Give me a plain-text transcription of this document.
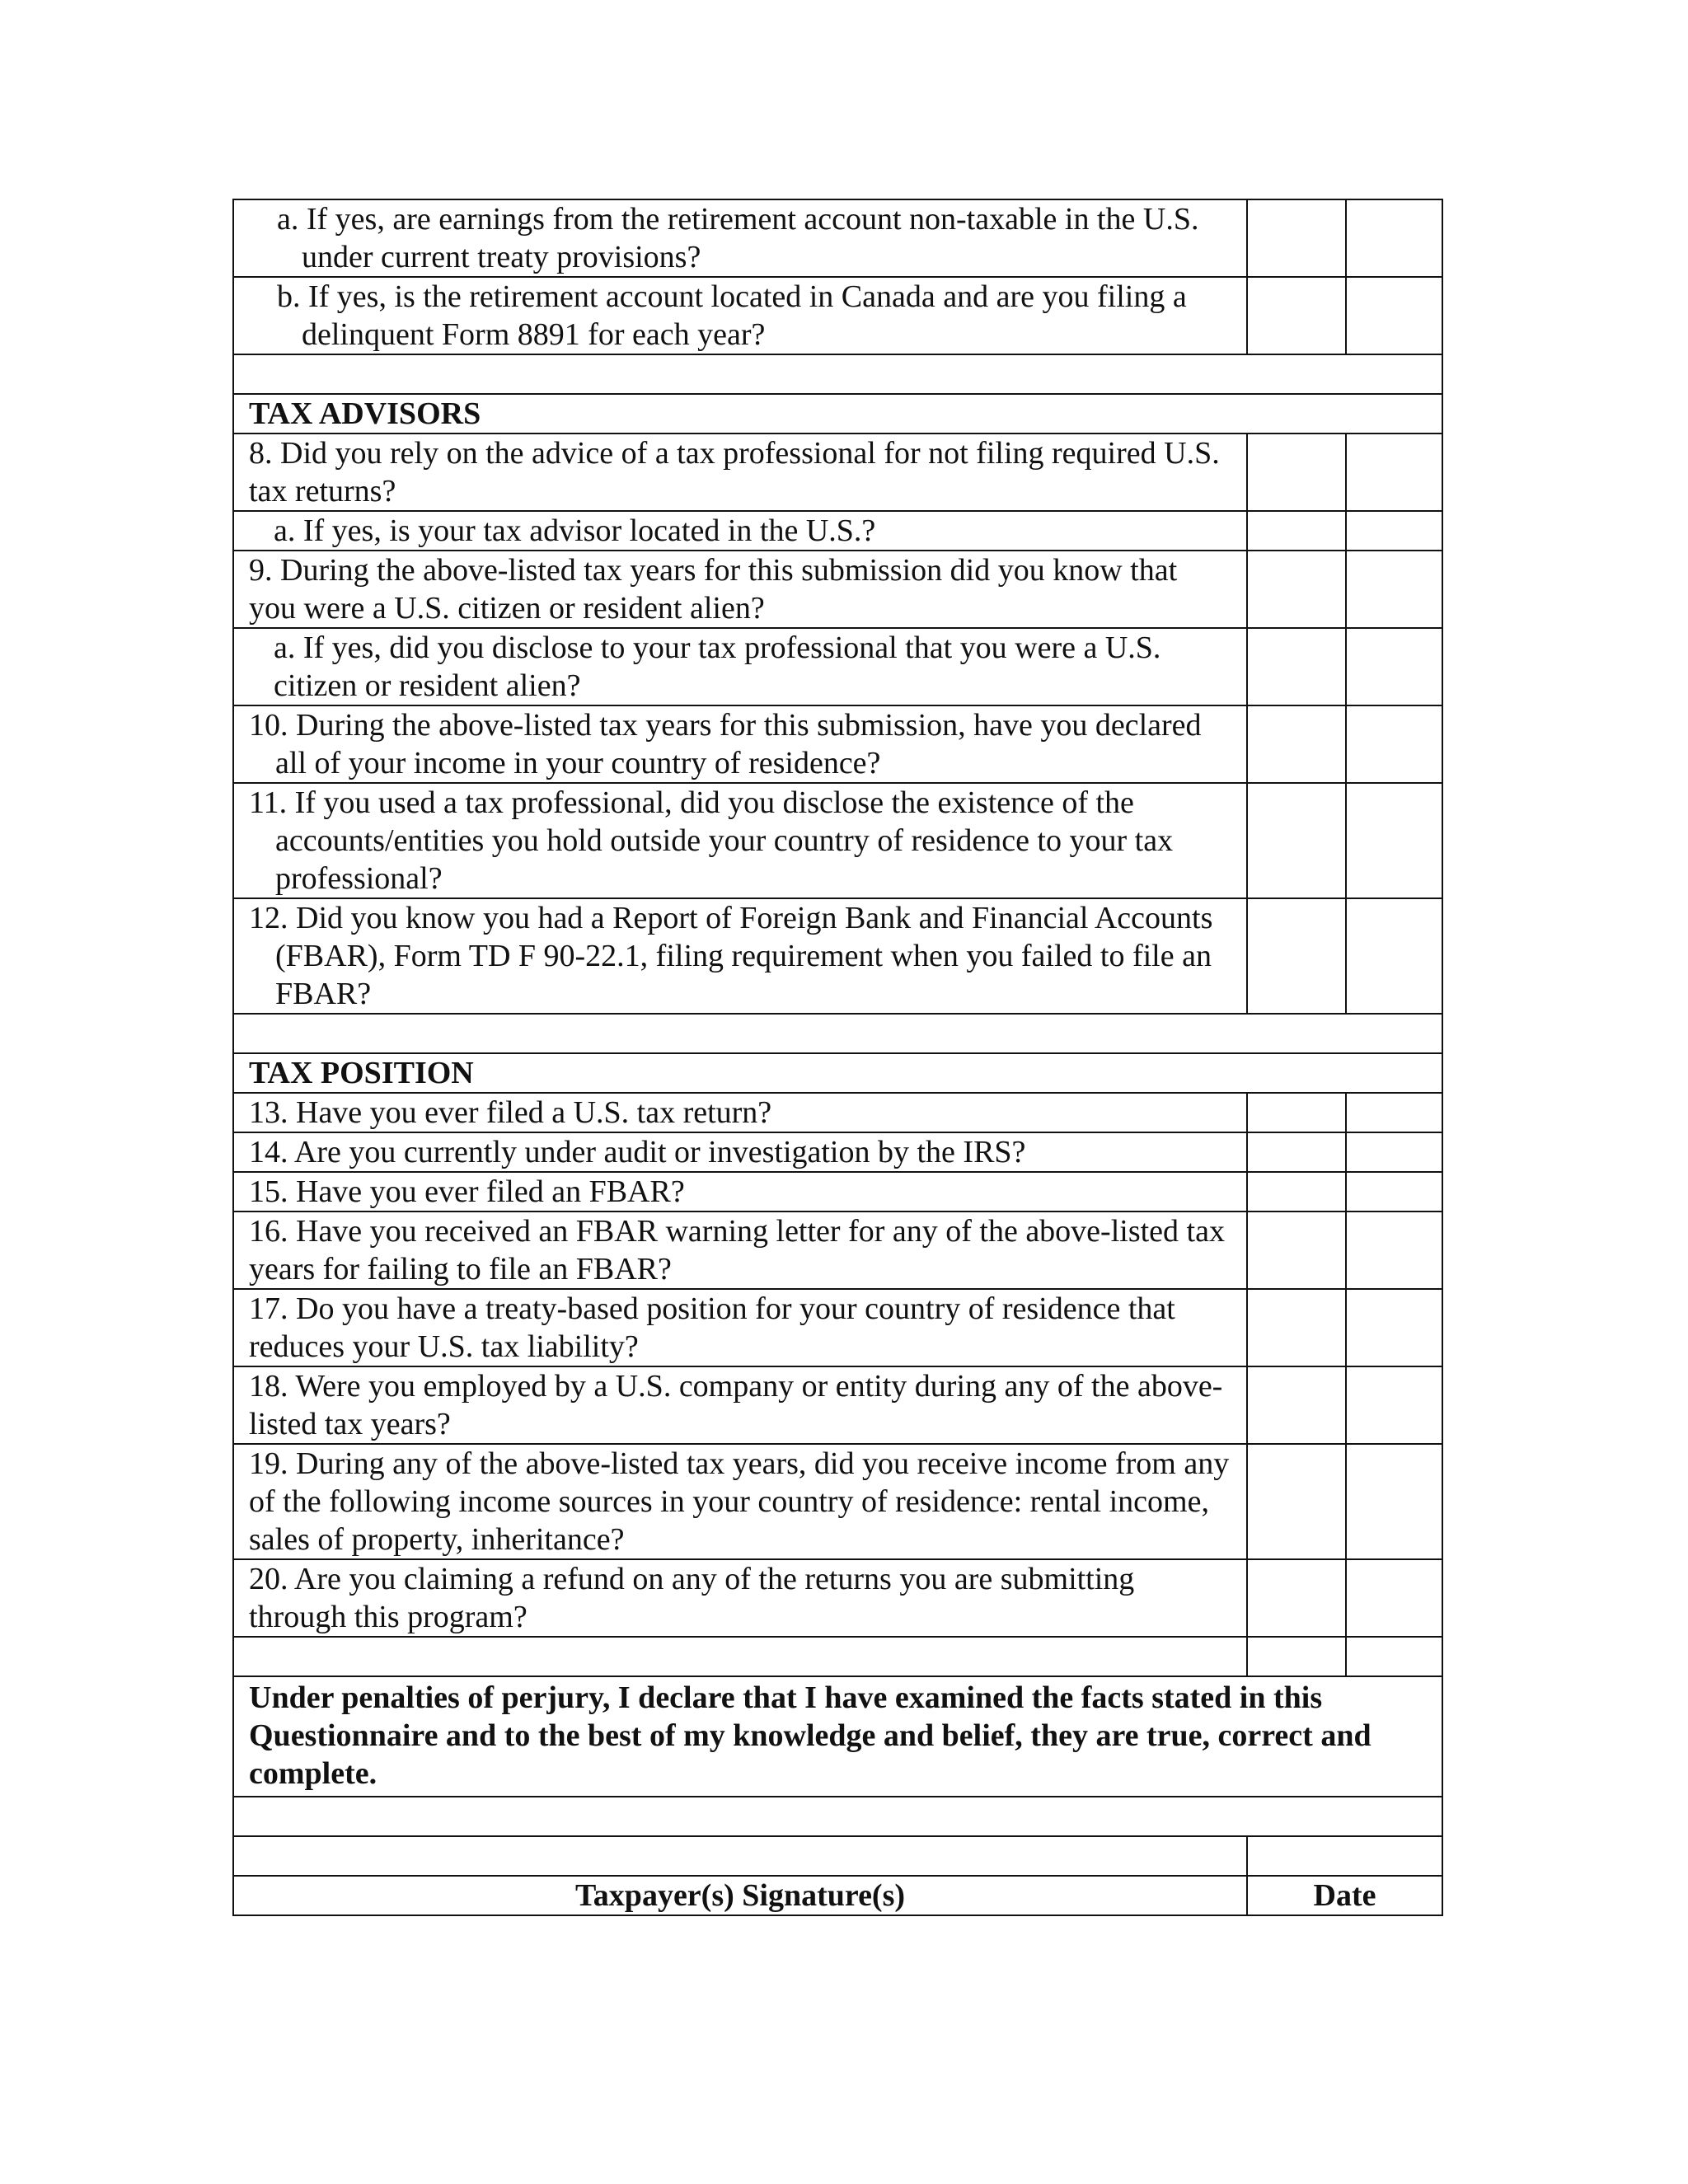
a. If yes, are earnings from the retirement account non-taxable in the U.S. under current treaty provisions?		

b. If yes, is the retirement account located in Canada and are you filing a delinquent Form 8891 for each year?		

TAX ADVISORS		
8. Did you rely on the advice of a tax professional for not filing required U.S. tax returns?		
a. If yes, is your tax advisor located in the U.S.?		
9. During the above-listed tax years for this submission did you know that you were a U.S. citizen or resident alien?		
a. If yes, did you disclose to your tax professional that you were a U.S. citizen or resident alien?		

10. During the above-listed tax years for this submission, have you declared all of your income in your country of residence?		

11. If you used a tax professional, did you disclose the existence of the accounts/entities you hold outside your country of residence to your tax professional?		

12. Did you know you had a Report of Foreign Bank and Financial Accounts (FBAR), Form TD F 90-22.1, filing requirement when you failed to file an FBAR?		

TAX POSITION		
13. Have you ever filed a U.S. tax return?		
14. Are you currently under audit or investigation by the IRS?		
15. Have you ever filed an FBAR?		
16. Have you received an FBAR warning letter for any of the above-listed tax years for failing to file an FBAR?		
17. Do you have a treaty-based position for your country of residence that reduces your U.S. tax liability?		
18. Were you employed by a U.S. company or entity during any of the above-listed tax years?		
19. During any of the above-listed tax years, did you receive income from any of the following income sources in your country of residence: rental income, sales of property, inheritance?		
20. Are you claiming a refund on any of the returns you are submitting through this program?		

Under penalties of perjury, I declare that I have examined the facts stated in this Questionnaire and to the best of my knowledge and belief, they are true, correct and complete.		

Taxpayer(s) Signature(s)	Date	
